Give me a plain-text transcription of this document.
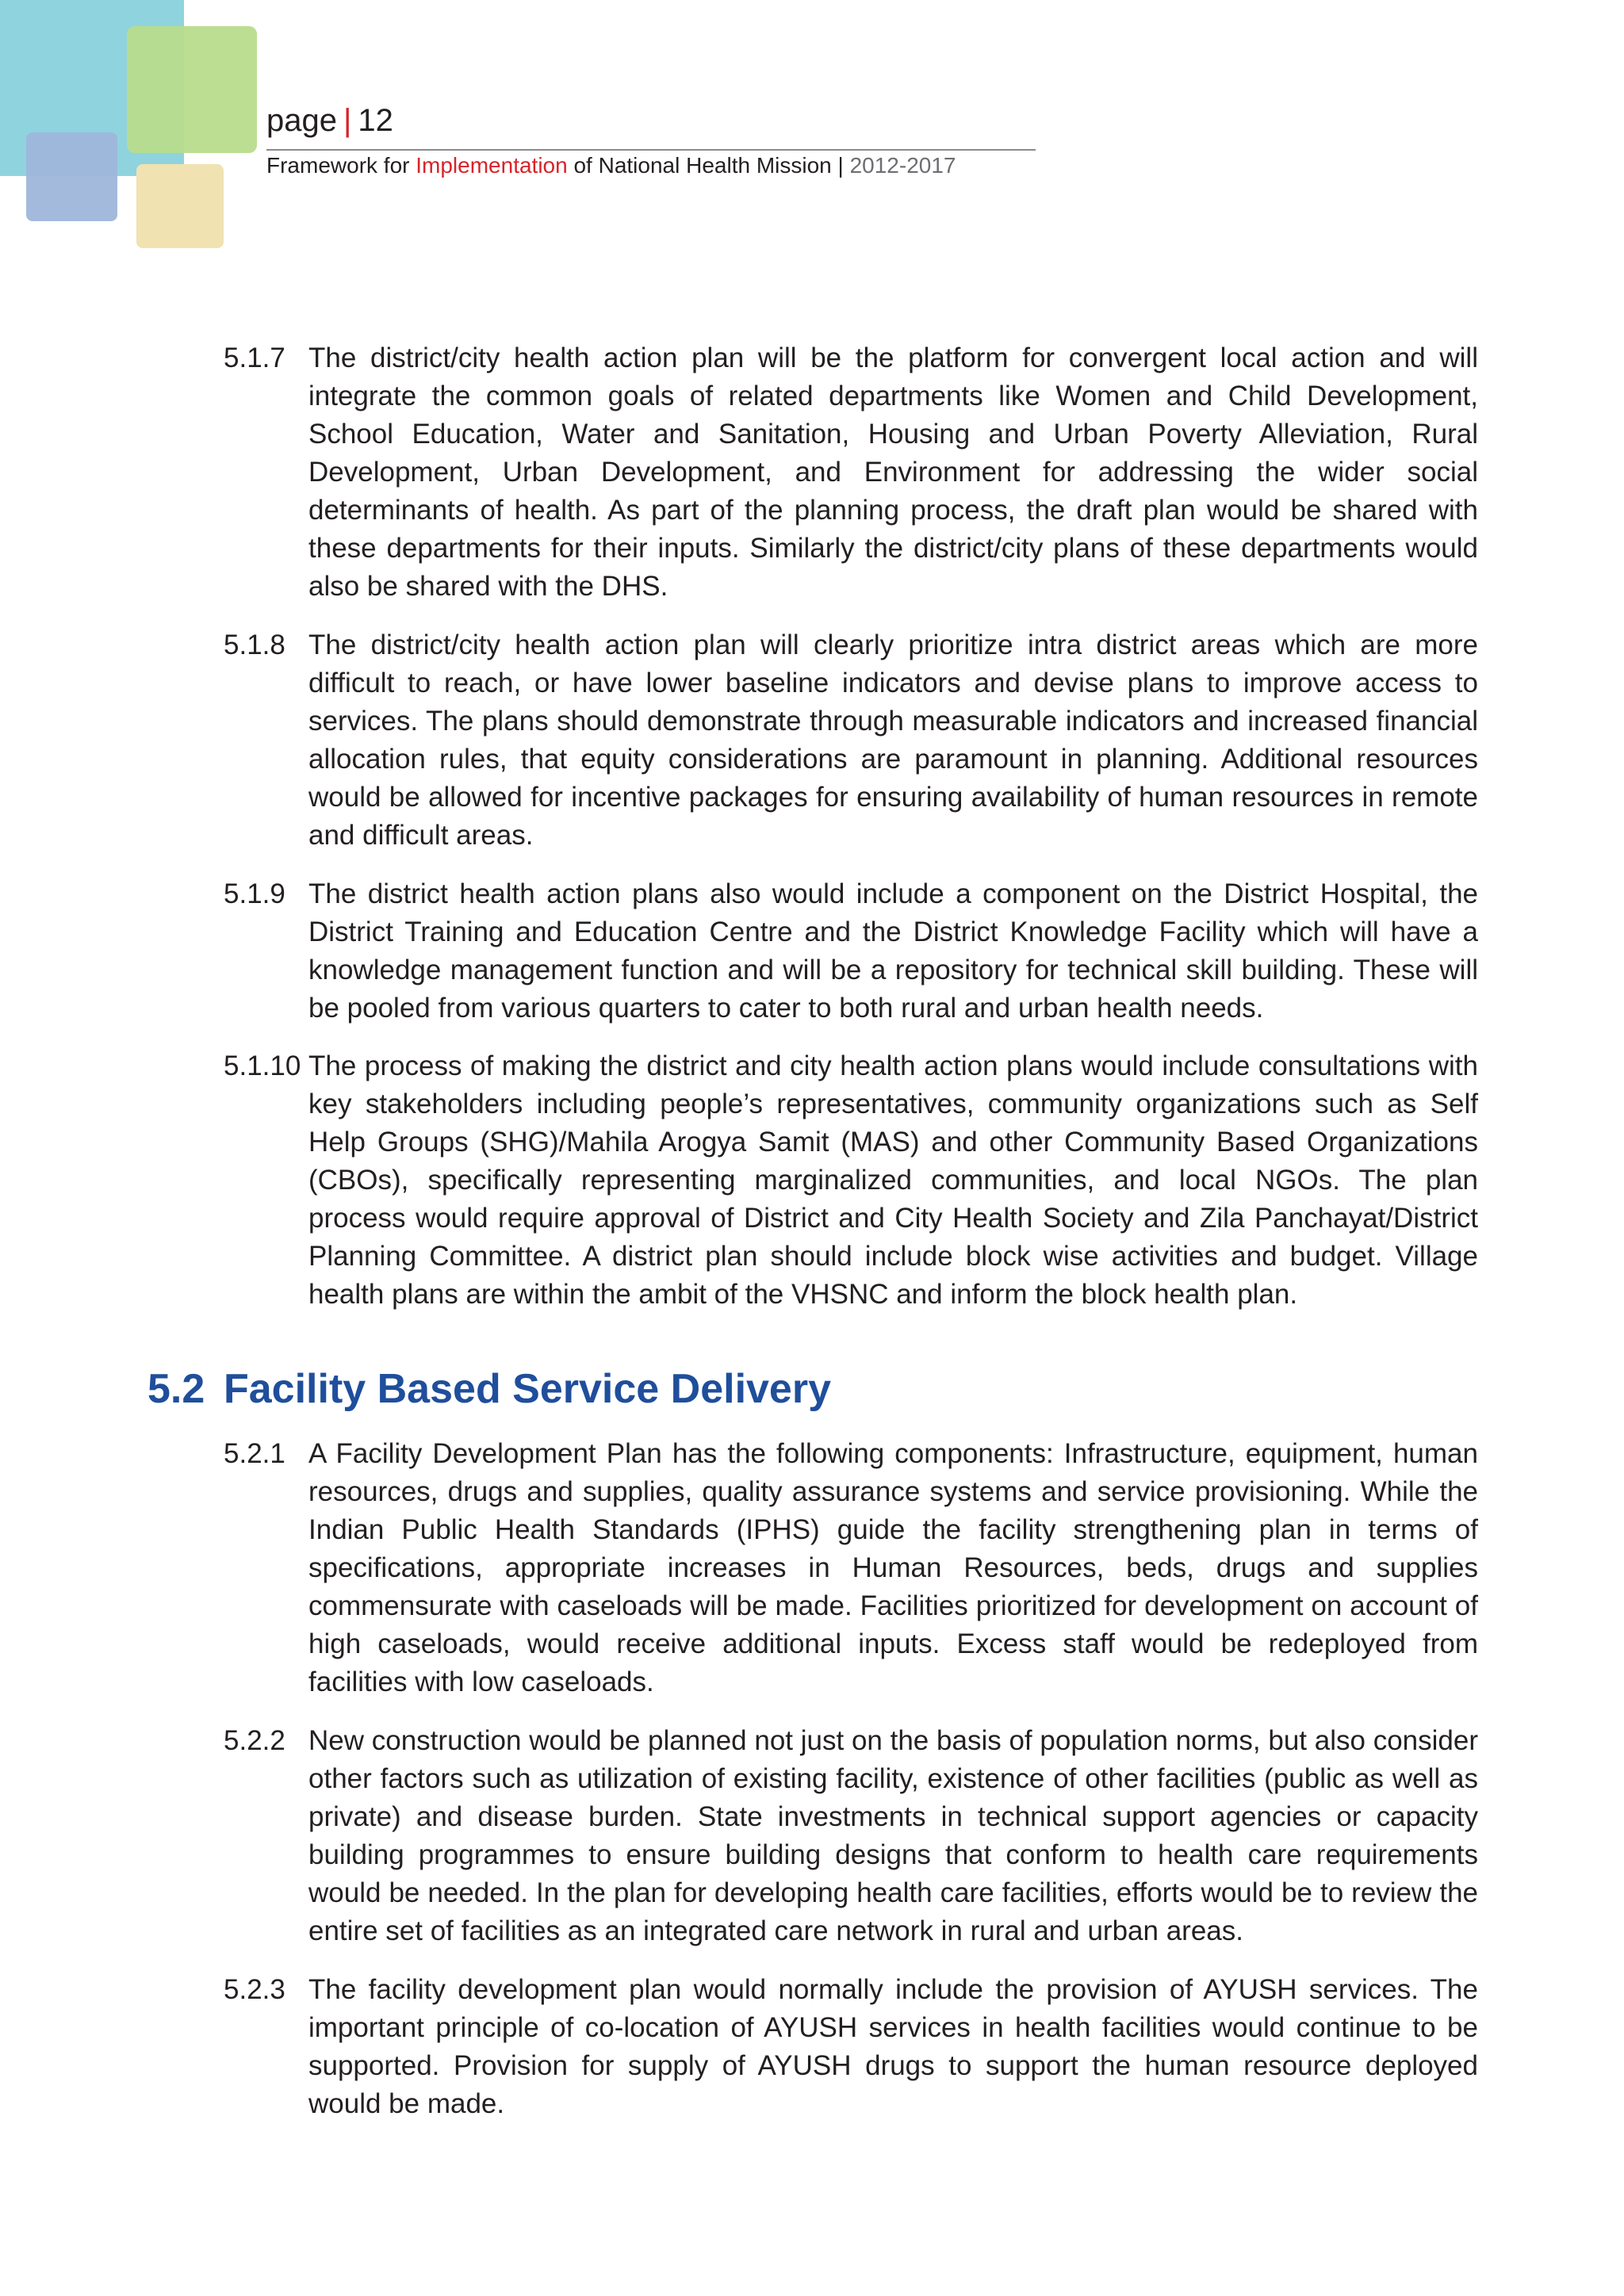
page | 12
Framework for Implementation of National Health Mission | 2012-2017
5.1.7 The district/city health action plan will be the platform for convergent local action and will integrate the common goals of related departments like Women and Child Development, School Education, Water and Sanitation, Housing and Urban Poverty Alleviation, Rural Development, Urban Development, and Environment for addressing the wider social determinants of health. As part of the planning process, the draft plan would be shared with these departments for their inputs. Similarly the district/city plans of these departments would also be shared with the DHS.
5.1.8 The district/city health action plan will clearly prioritize intra district areas which are more difficult to reach, or have lower baseline indicators and devise plans to improve access to services. The plans should demonstrate through measurable indicators and increased financial allocation rules, that equity considerations are paramount in planning. Additional resources would be allowed for incentive packages for ensuring availability of human resources in remote and difficult areas.
5.1.9 The district health action plans also would include a component on the District Hospital, the District Training and Education Centre and the District Knowledge Facility which will have a knowledge management function and will be a repository for technical skill building. These will be pooled from various quarters to cater to both rural and urban health needs.
5.1.10 The process of making the district and city health action plans would include consultations with key stakeholders including people’s representatives, community organizations such as Self Help Groups (SHG)/Mahila Arogya Samit (MAS) and other Community Based Organizations (CBOs), specifically representing marginalized communities, and local NGOs. The plan process would require approval of District and City Health Society and Zila Panchayat/District Planning Committee. A district plan should include block wise activities and budget. Village health plans are within the ambit of the VHSNC and inform the block health plan.
5.2 Facility Based Service Delivery
5.2.1 A Facility Development Plan has the following components: Infrastructure, equipment, human resources, drugs and supplies, quality assurance systems and service provisioning. While the Indian Public Health Standards (IPHS) guide the facility strengthening plan in terms of specifications, appropriate increases in Human Resources, beds, drugs and supplies commensurate with caseloads will be made. Facilities prioritized for development on account of high caseloads, would receive additional inputs. Excess staff would be redeployed from facilities with low caseloads.
5.2.2 New construction would be planned not just on the basis of population norms, but also consider other factors such as utilization of existing facility, existence of other facilities (public as well as private) and disease burden. State investments in technical support agencies or capacity building programmes to ensure building designs that conform to health care requirements would be needed. In the plan for developing health care facilities, efforts would be to review the entire set of facilities as an integrated care network in rural and urban areas.
5.2.3 The facility development plan would normally include the provision of AYUSH services. The important principle of co-location of AYUSH services in health facilities would continue to be supported. Provision for supply of AYUSH drugs to support the human resource deployed would be made.
